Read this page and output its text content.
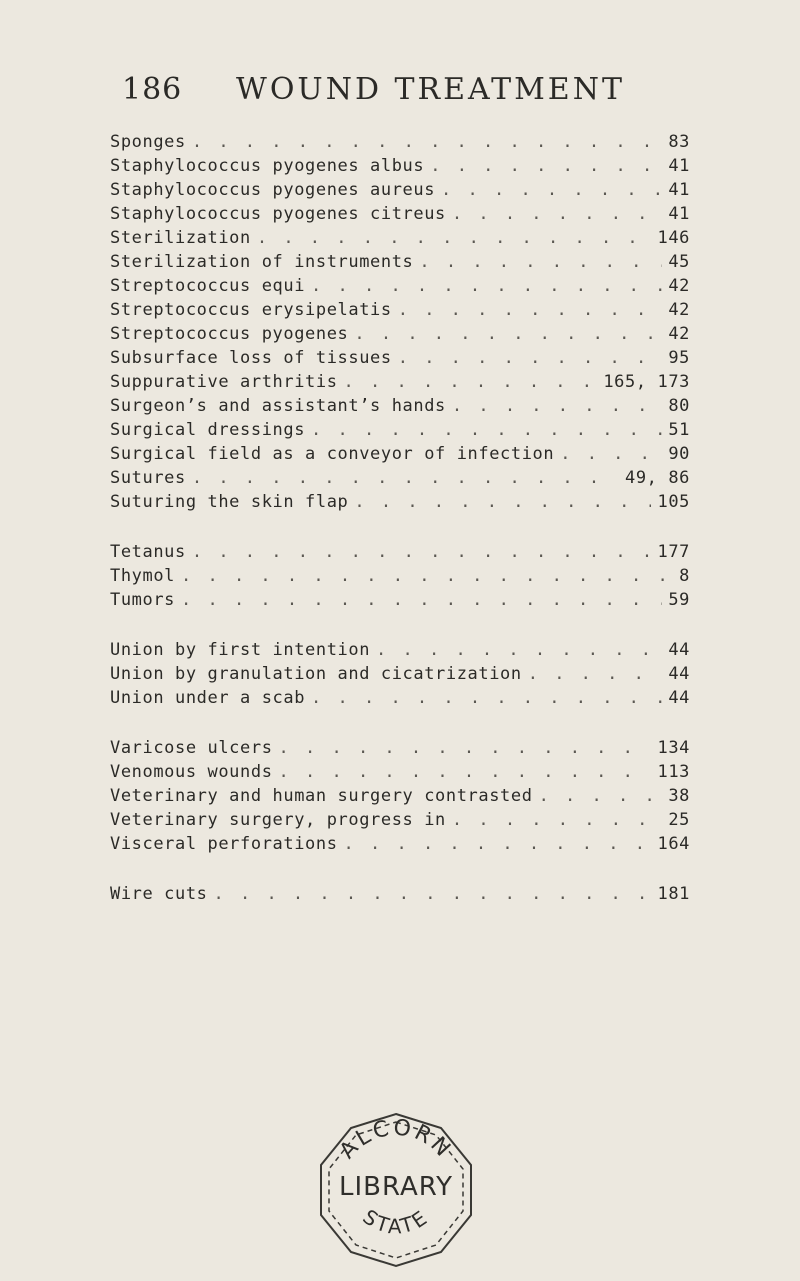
186 WOUND TREATMENT
Sponges . . .	83
Staphylococcus pyogenes albus . . .	41
Staphylococcus pyogenes aureus . . .	41
Staphylococcus pyogenes citreus . . .	41
Sterilization . . .	146
Sterilization of instruments . . .	45
Streptococcus equi . . .	42
Streptococcus erysipelatis . . .	42
Streptococcus pyogenes . . .	42
Subsurface loss of tissues . . .	95
Suppurative arthritis . . .	165, 173
Surgeon’s and assistant’s hands . . .	80
Surgical dressings . . .	51
Surgical field as a conveyor of infection . . .	90
Sutures . . .	49, 86
Suturing the skin flap . . .	105
Tetanus . . .	177
Thymol . . .	8
Tumors . . .	59
Union by first intention . . .	44
Union by granulation and cicatrization . . .	44
Union under a scab . . .	44
Varicose ulcers . . .	134
Venomous wounds . . .	113
Veterinary and human surgery contrasted . . .	38
Veterinary surgery, progress in . . .	25
Visceral perforations . . .	164
Wire cuts . . .	181
ALCORN
STATE
LIBRARY
